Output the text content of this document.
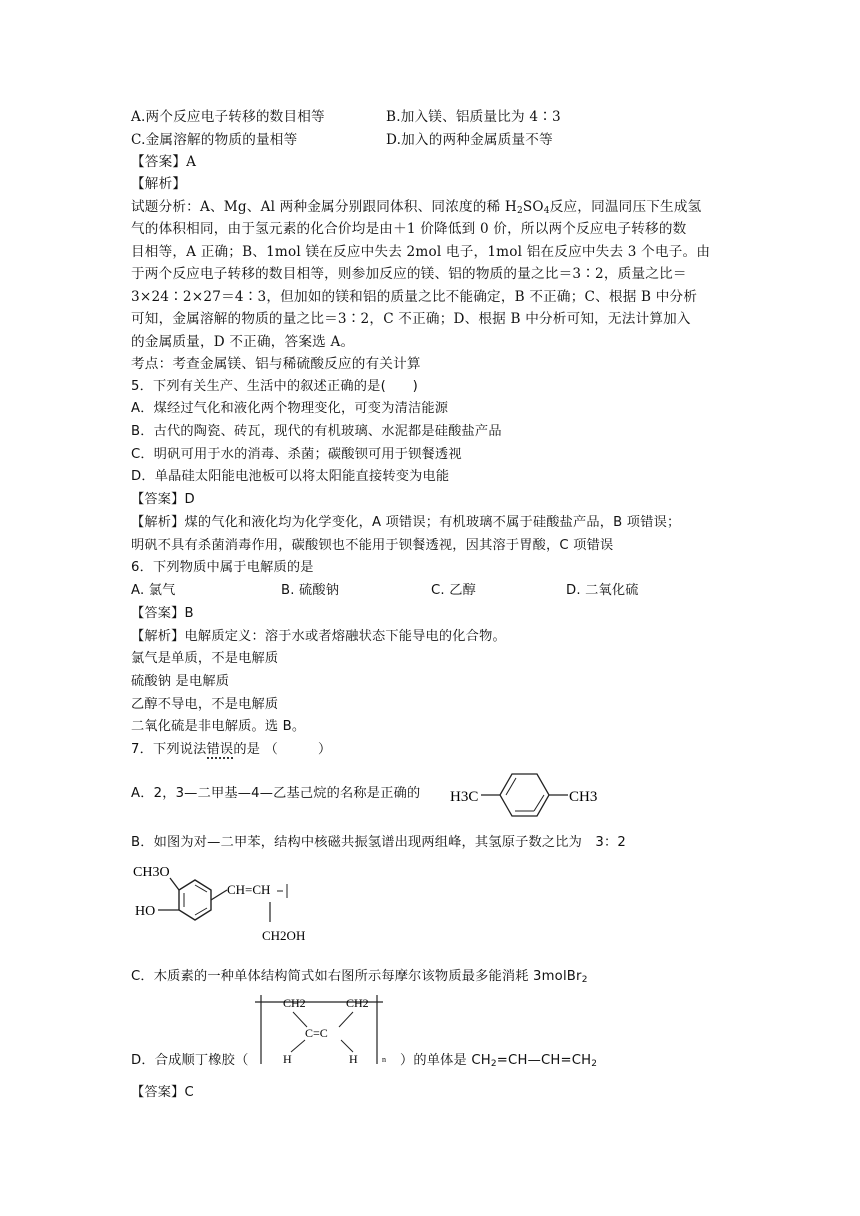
A.两个反应电子转移的数目相等	B.加入镁、铝质量比为 4∶3
C.金属溶解的物质的量相等	D.加入的两种金属质量不等
【答案】A
【解析】
试题分析：A、Mg、Al 两种金属分别跟同体积、同浓度的稀 $H_2SO_4$反应，同温同压下生成氢
气的体积相同，由于氢元素的化合价均是由＋1 价降低到 0 价，所以两个反应电子转移的数
目相等，A 正确；B、1mol 镁在反应中失去 2mol 电子，1mol 铝在反应中失去 3 个电子。由
于两个反应电子转移的数目相等，则参加反应的镁、铝的物质的量之比＝3∶2，质量之比＝
3×24∶2×27＝4∶3，但加如的镁和铝的质量之比不能确定，B 不正确；C、根据 B 中分析
可知，金属溶解的物质的量之比＝3∶2，C 不正确；D、根据 B 中分析可知，无法计算加入
的金属质量，D 不正确，答案选 A。
考点：考查金属镁、铝与稀硫酸反应的有关计算
5．下列有关生产、生活中的叙述正确的是(　　)
A．煤经过气化和液化两个物理变化，可变为清洁能源
B．古代的陶瓷、砖瓦，现代的有机玻璃、水泥都是硅酸盐产品
C．明矾可用于水的消毒、杀菌；碳酸钡可用于钡餐透视
D．单晶硅太阳能电池板可以将太阳能直接转变为电能
【答案】D
【解析】煤的气化和液化均为化学变化，A 项错误；有机玻璃不属于硅酸盐产品，B 项错误；
明矾不具有杀菌消毒作用，碳酸钡也不能用于钡餐透视，因其溶于胃酸，C 项错误
6．下列物质中属于电解质的是
A. 氯气	B. 硫酸钠	C. 乙醇	D. 二氧化硫
【答案】B
【解析】电解质定义：溶于水或者熔融状态下能导电的化合物。
氯气是单质，不是电解质
硫酸钠 是电解质
乙醇不导电，不是电解质
二氧化硫是非电解质。选 B。
7．下列说法错误的是 （　　　）
A．2，3—二甲基—4—乙基己烷的名称是正确的 H3C	CH3
B．如图为对—二甲苯，结构中核磁共振氢谱出现两组峰，其氢原子数之比为　3：2
CH3O
HO
CH=CH
CH2OH
C．木质素的一种单体结构简式如右图所示每摩尔该物质最多能消耗 3molBr$_2$
CH2	CH2
C=C
H	H	n
D．合成顺丁橡胶（	）的单体是 $CH_2=CH—CH=CH_2$
【答案】C
